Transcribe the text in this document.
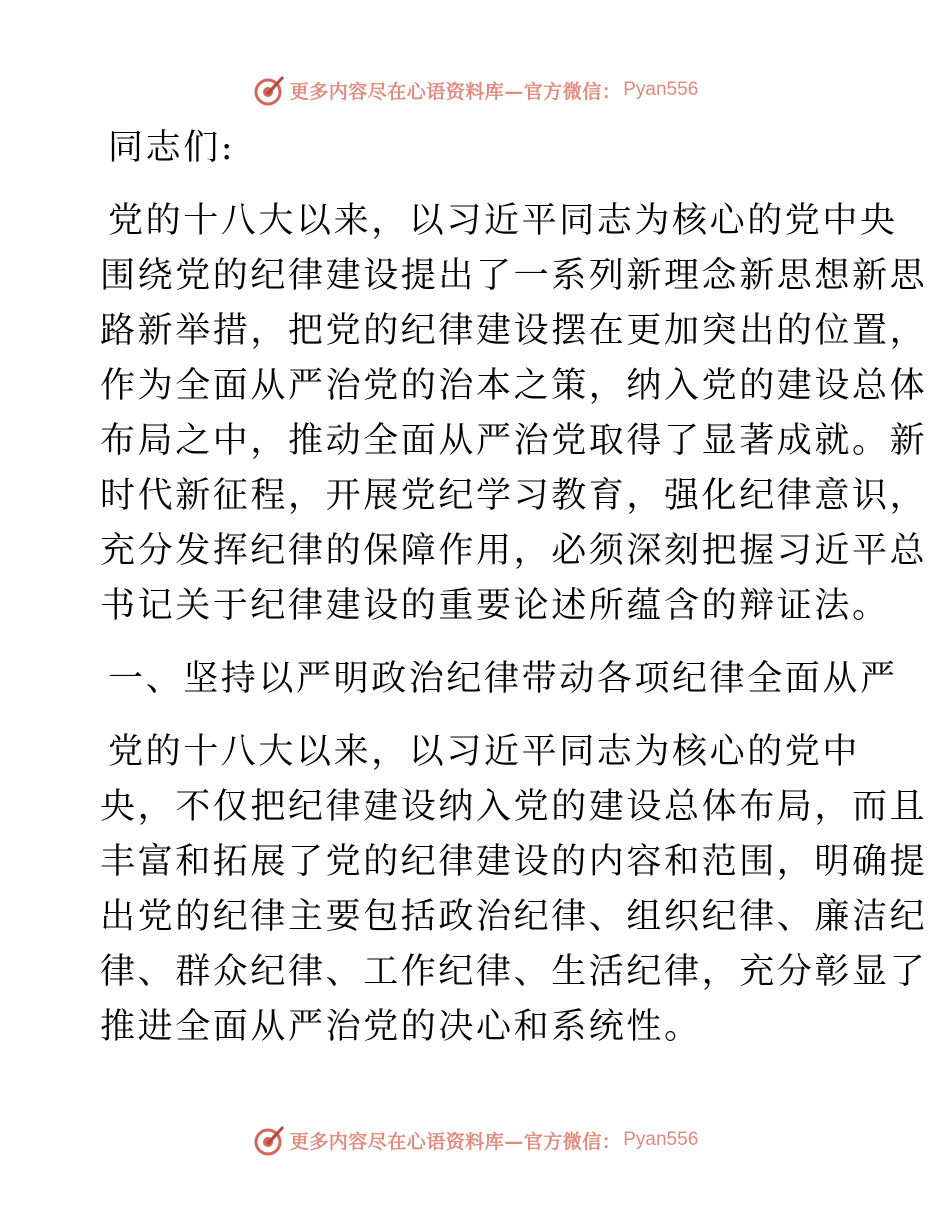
更多内容尽在心语资料库—官方微信： Pyan556
同志们:
党的十八大以来，以习近平同志为核心的党中央
围绕党的纪律建设提出了一系列新理念新思想新思
路新举措，把党的纪律建设摆在更加突出的位置，
作为全面从严治党的治本之策，纳入党的建设总体
布局之中，推动全面从严治党取得了显著成就。新
时代新征程，开展党纪学习教育，强化纪律意识，
充分发挥纪律的保障作用，必须深刻把握习近平总
书记关于纪律建设的重要论述所蕴含的辩证法。
一、坚持以严明政治纪律带动各项纪律全面从严
党的十八大以来，以习近平同志为核心的党中
央，不仅把纪律建设纳入党的建设总体布局，而且
丰富和拓展了党的纪律建设的内容和范围，明确提
出党的纪律主要包括政治纪律、组织纪律、廉洁纪
律、群众纪律、工作纪律、生活纪律，充分彰显了
推进全面从严治党的决心和系统性。
更多内容尽在心语资料库—官方微信： Pyan556
